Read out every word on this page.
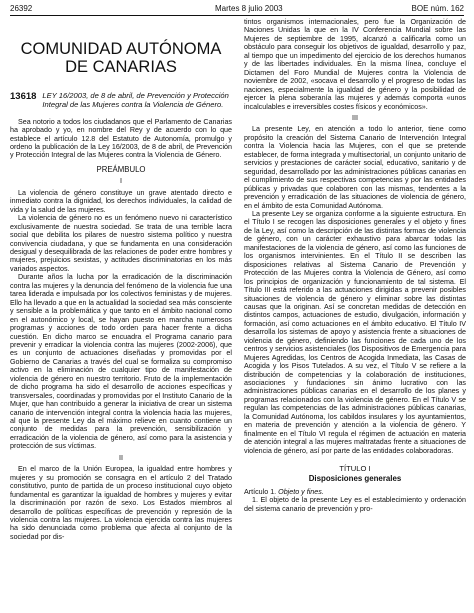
26392	Martes 8 julio 2003	BOE núm. 162
COMUNIDAD AUTÓNOMA
DE CANARIAS
13618 LEY 16/2003, de 8 de abril, de Prevención y Protección Integral de las Mujeres contra la Violencia de Género.

Sea notorio a todos los ciudadanos que el Parlamento de Canarias ha aprobado y yo, en nombre del Rey y de acuerdo con lo que establece el artículo 12.8 del Estatuto de Autonomía, promulgo y ordeno la publicación de la Ley 16/2003, de 8 de abril, de Prevención y Protección Integral de las Mujeres contra la Violencia de Género.

PREÁMBULO
I

La violencia de género constituye un grave atentado directo e inmediato contra la dignidad, los derechos individuales, la calidad de vida y la salud de las mujeres.

La violencia de género no es un fenómeno nuevo ni característico exclusivamente de nuestra sociedad. Se trata de una terrible lacra social que debilita los pilares de nuestro sistema político y nuestra convivencia ciudadana, y que se fundamenta en una consideración desigual y desequilibrada de las relaciones de poder entre hombres y mujeres, prejuicios sexistas, y actitudes discriminatorias en los más variados aspectos.

Durante años la lucha por la erradicación de la discriminación contra las mujeres y la denuncia del fenómeno de la violencia fue una tarea liderada e impulsada por los colectivos feministas y de mujeres. Ello ha llevado a que en la actualidad la sociedad sea más consciente y sensible a la problemática y que tanto en el ámbito nacional como en el autonómico y local, se hayan puesto en marcha numerosos programas y acciones de todo orden para hacer frente a dicha cuestión. En dicho marco se encuadra el Programa canario para prevenir y erradicar la violencia contra las mujeres (2002-2006), que es un conjunto de actuaciones diseñadas y promovidas por el Gobierno de Canarias a través del cual se formaliza su compromiso activo en la eliminación de cualquier tipo de manifestación de violencia de género en nuestro territorio. Fruto de la implementación de dicho programa ha sido el desarrollo de acciones específicas y transversales, coordinadas y promovidas por el Instituto Canario de la Mujer, que han contribuido a generar la iniciativa de crear un sistema canario de intervención integral contra la violencia hacia las mujeres, al que la presente Ley da el máximo relieve en cuanto contiene un conjunto de medidas para la prevención, sensibilización y erradicación de la violencia de género, así como para la asistencia y protección de sus víctimas.

II

En el marco de la Unión Europea, la igualdad entre hombres y mujeres y su promoción se consagra en el artículo 2 del Tratado constitutivo, punto de partida de un proceso institucional cuyo objeto fundamental es garantizar la igualdad de hombres y mujeres y evitar la discriminación por razón de sexo. Los Estados miembros al desarrollo de políticas específicas de prevención y represión de la violencia contra las mujeres. La violencia ejercida contra las mujeres ha sido denunciada como problema que afecta al conjunto de la sociedad por dis-

tintos organismos internacionales, pero fue la Organización de Naciones Unidas la que en la IV Conferencia Mundial sobre las Mujeres de septiembre de 1995, alcanzó a calificarla como un obstáculo para conseguir los objetivos de igualdad, desarrollo y paz, al tiempo que un impedimento del ejercicio de los derechos humanos y de las libertades individuales. En la misma línea, concluye el Dictamen del Foro Mundial de Mujeres contra la Violencia de noviembre de 2002, «socava el desarrollo y el progreso de todas las naciones, especialmente la igualdad de género y la posibilidad de ejercer la plena soberanía las mujeres y además comporta «unos incalculables e irreversibles costes físicos y económicos».

III

La presente Ley, en atención a todo lo anterior, tiene como propósito la creación del Sistema Canario de Intervención Integral contra la Violencia hacia las Mujeres, con el que se pretende establecer, de forma integrada y multisectorial, un conjunto unitario de servicios y prestaciones de carácter social, educativo, sanitario y de seguridad, desarrollado por las administraciones públicas canarias en el cumplimiento de sus respectivas competencias y por las entidades públicas y privadas que colaboren con las mismas, tendentes a la prevención y erradicación de las situaciones de violencia de género, en el ámbito de esta Comunidad Autónoma.

La presente Ley se organiza conforme a la siguiente estructura. En el Título I se recogen las disposiciones generales y el objeto y fines de la Ley, así como la descripción de las distintas formas de violencia de género, con un carácter exhaustivo para abarcar todas las manifestaciones de la violencia de género, así como las funciones de los organismos intervinientes. En el Título II se describen las disposiciones relativas al Sistema Canario de Prevención y Protección de las Mujeres contra la Violencia de Género, así como los principios de organización y funcionamiento de tal sistema. El Título III está referido a las actuaciones dirigidas a prevenir posibles situaciones de violencia de género y eliminar sobre las distintas causas que la originan. Así se concretan medidas de detección en distintos campos, actuaciones de estudio, divulgación, información y formación, así como actuaciones en el ámbito educativo. El Título IV desarrolla los sistemas de apoyo y asistencia frente a situaciones de violencia de género, definiendo las funciones de cada uno de los centros y servicios asistenciales (los Dispositivos de Emergencia para Mujeres Agredidas, los Centros de Acogida Inmediata, las Casas de Acogida y los Pisos Tutelados. A su vez, el Título V se refiere a la distribución de competencias y la colaboración de instituciones, asociaciones y fundaciones sin ánimo lucrativo con las administraciones públicas canarias en el desarrollo de los planes y programas relacionados con la violencia de género. En el Título V se regulan las competencias de las administraciones públicas canarias, la Comunidad Autónoma, los cabildos insulares y los ayuntamientos, en materia de prevención y atención a la violencia de género. Y finalmente en el Título VI regula el régimen de actuación en materia de atención integral a las mujeres maltratadas frente a situaciones de violencia de género, así por parte de las entidades colaboradoras.

TÍTULO I
Disposiciones generales

Artículo 1. Objeto y fines.

1. El objeto de la presente Ley es el establecimiento y ordenación del sistema canario de prevención y pro-
